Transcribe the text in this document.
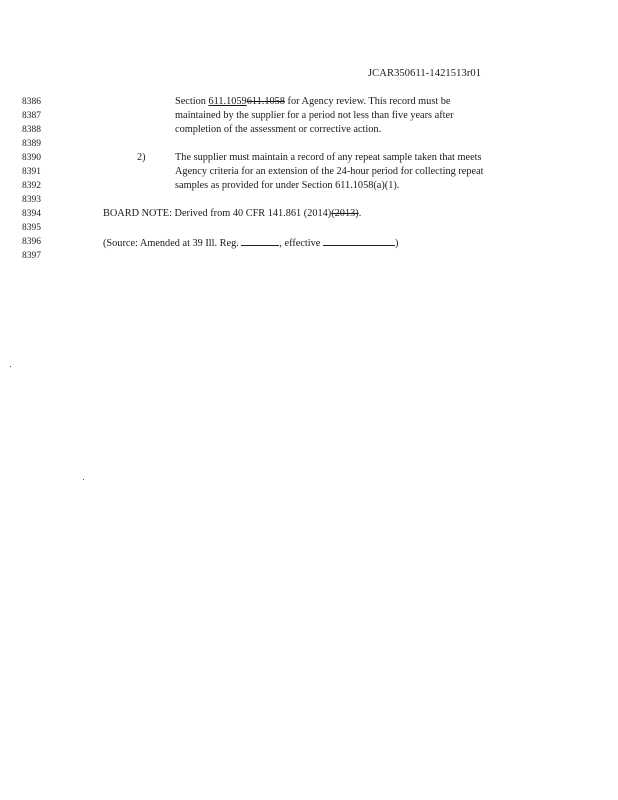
JCAR350611-1421513r01
8386
8387
8388
8389
8390
8391
8392
8393
8394
8395
8396
8397
Section 611.1059611.1058 for Agency review. This record must be
maintained by the supplier for a period not less than five years after
completion of the assessment or corrective action.
2)	The supplier must maintain a record of any repeat sample taken that meets
Agency criteria for an extension of the 24-hour period for collecting repeat
samples as provided for under Section 611.1058(a)(1).
BOARD NOTE: Derived from 40 CFR 141.861 (2014)(2013).
(Source: Amended at 39 Ill. Reg.	, effective	)
